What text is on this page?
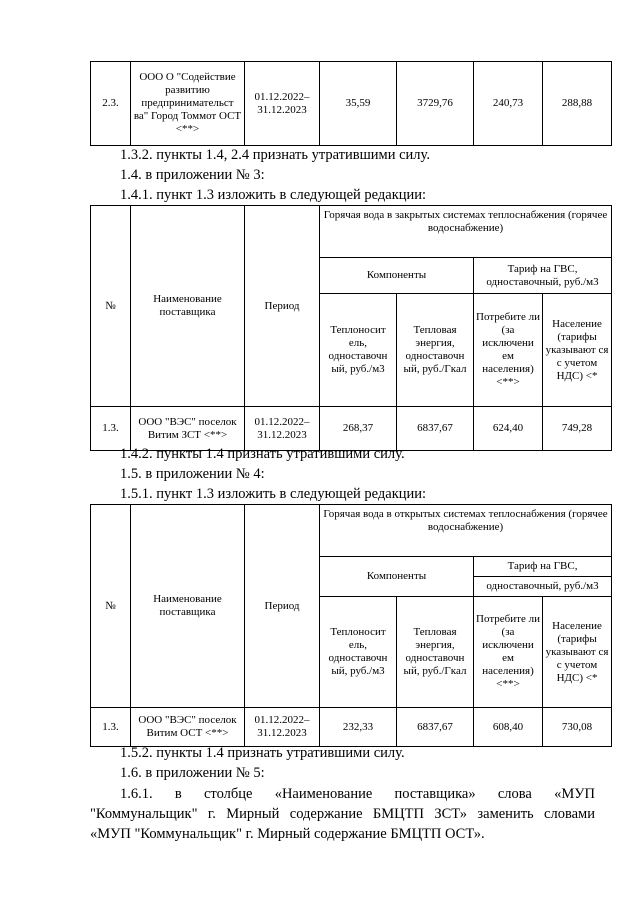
2.3.	ООО О "Содействие развитию предпринимательст ва" Город Томмот ОСТ <**>	01.12.2022– 31.12.2023	35,59	3729,76	240,73	288,88
1.3.2. пункты 1.4, 2.4 признать утратившими силу.
1.4. в приложении № 3:
1.4.1. пункт 1.3 изложить в следующей редакции:
№	Наименование поставщика	Период	Горячая вода в закрытых системах теплоснабжения (горячее водоснабжение)			
			Компоненты		Тариф на ГВС, одноставочный, руб./м3	
			Теплоносит ель, одноставочн ый, руб./м3	Тепловая энергия, одноставочн ый, руб./Гкал	Потребите ли (за исключени ем населения) <**>	Население (тарифы указывают ся с учетом НДС) <*
1.3.	ООО "ВЭС" поселок Витим ЗСТ <**>	01.12.2022– 31.12.2023	268,37	6837,67	624,40	749,28
1.4.2. пункты 1.4 признать утратившими силу.
1.5. в приложении № 4:
1.5.1. пункт 1.3 изложить в следующей редакции:
№	Наименование поставщика	Период	Горячая вода в открытых системах теплоснабжения (горячее водоснабжение)			
			Компоненты		Тариф на ГВС,
одноставочный, руб./м3	

			Теплоносит ель, одноставочн ый, руб./м3	Тепловая энергия, одноставочн ый, руб./Гкал	Потребите ли (за исключени ем населения) <**>	Население (тарифы указывают ся с учетом НДС) <*
1.3.	ООО "ВЭС" поселок Витим ОСТ <**>	01.12.2022– 31.12.2023	232,33	6837,67	608,40	730,08
1.5.2. пункты 1.4 признать утратившими силу.
1.6. в приложении № 5:
1.6.1. в столбце «Наименование поставщика» слова «МУП
"Коммунальщик" г. Мирный содержание БМЦТП ЗСТ» заменить словами
«МУП "Коммунальщик" г. Мирный содержание БМЦТП ОСТ».
